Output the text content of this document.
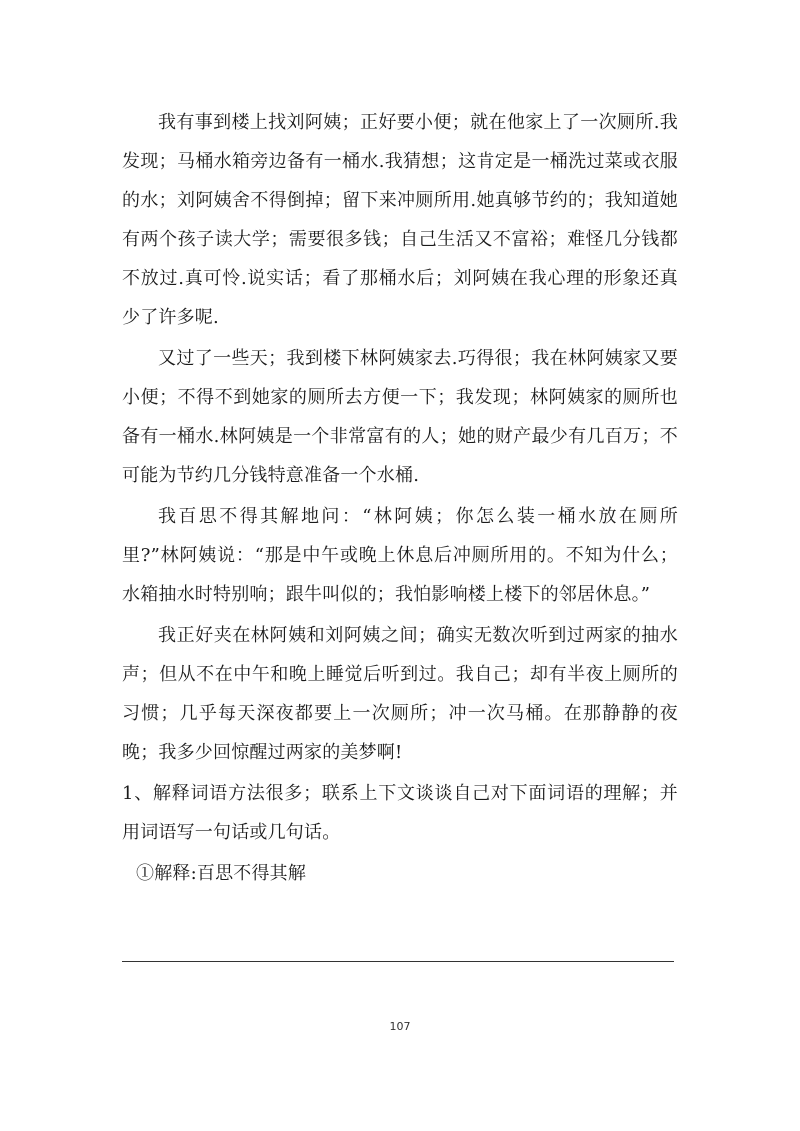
我有事到楼上找刘阿姨；正好要小便；就在他家上了一次厕所.我发现；马桶水箱旁边备有一桶水.我猜想；这肯定是一桶洗过菜或衣服的水；刘阿姨舍不得倒掉；留下来冲厕所用.她真够节约的；我知道她有两个孩子读大学；需要很多钱；自己生活又不富裕；难怪几分钱都不放过.真可怜.说实话；看了那桶水后；刘阿姨在我心理的形象还真少了许多呢.

又过了一些天；我到楼下林阿姨家去.巧得很；我在林阿姨家又要小便；不得不到她家的厕所去方便一下；我发现；林阿姨家的厕所也备有一桶水.林阿姨是一个非常富有的人；她的财产最少有几百万；不可能为节约几分钱特意准备一个水桶.

我百思不得其解地问：“林阿姨；你怎么装一桶水放在厕所里?”林阿姨说：“那是中午或晚上休息后冲厕所用的。不知为什么；水箱抽水时特别响；跟牛叫似的；我怕影响楼上楼下的邻居休息。”

我正好夹在林阿姨和刘阿姨之间；确实无数次听到过两家的抽水声；但从不在中午和晚上睡觉后听到过。我自己；却有半夜上厕所的习惯；几乎每天深夜都要上一次厕所；冲一次马桶。在那静静的夜晚；我多少回惊醒过两家的美梦啊!

1、解释词语方法很多；联系上下文谈谈自己对下面词语的理解；并用词语写一句话或几句话。

①解释:百思不得其解

107
